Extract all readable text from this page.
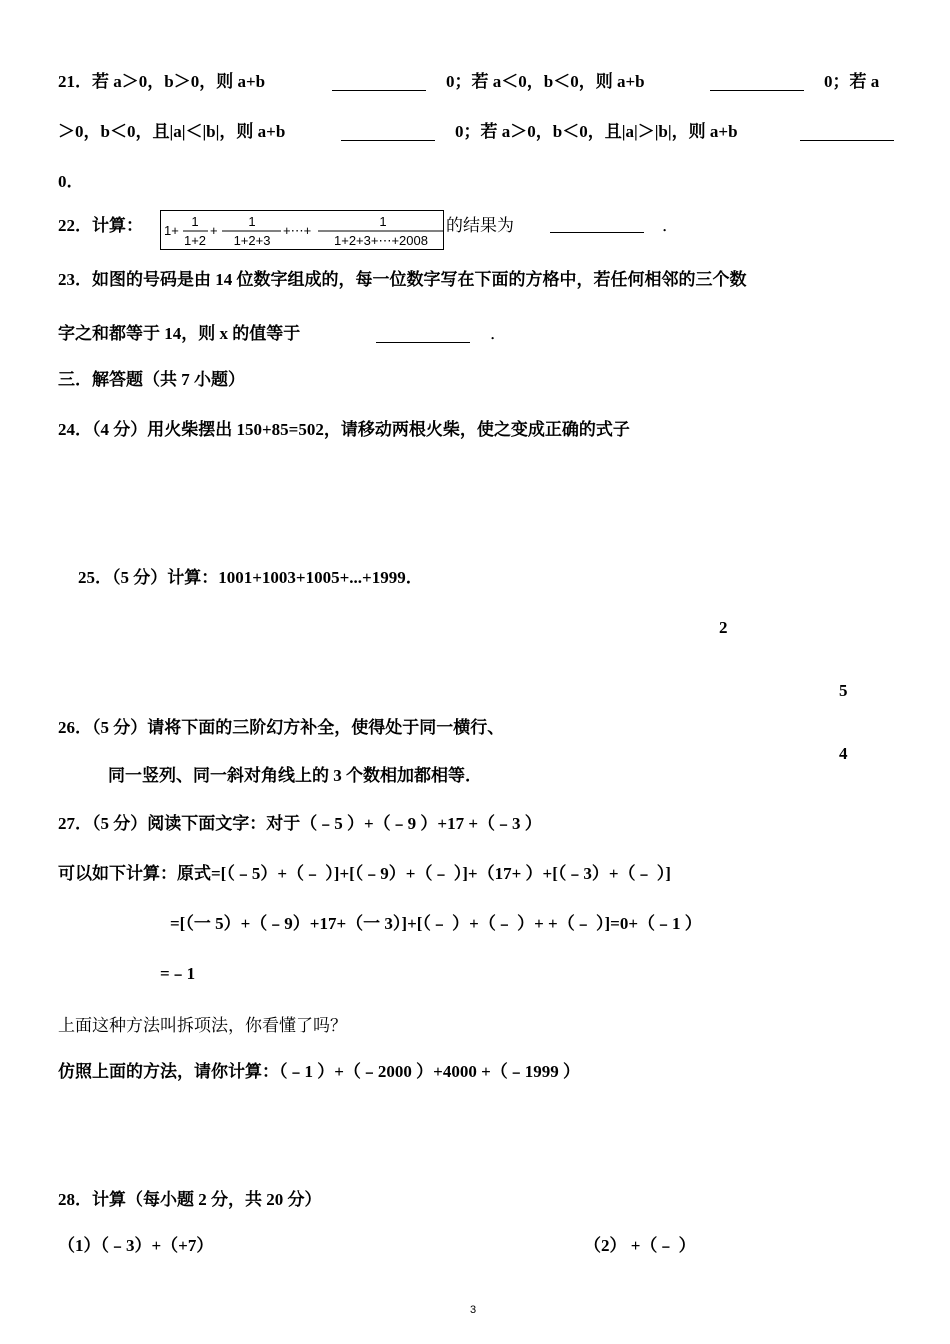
21．若 a＞0，b＞0，则 a+b	0；若 a＜0，b＜0，则 a+b	0；若 a
＞0，b＜0，且|a|＜|b|，则 a+b	0；若 a＞0，b＜0，且|a|＞|b|，则 a+b
0．
22．计算： 1+
1
1+2
+
1
1+2+3
+⋯+
1
1+2+3+⋯+2008
的结果为	．
23．如图的号码是由 14 位数字组成的，每一位数字写在下面的方格中，若任何相邻的三个数
字之和都等于 14，则 x 的值等于	．
三．解答题（共 7 小题）
24．（4 分）用火柴摆出 150+85=502，请移动两根火柴，使之变成正确的式子
25．（5 分）计算：1001+1003+1005+...+1999．
2
5
4
26．（5 分）请将下面的三阶幻方补全，使得处于同一横行、
同一竖列、同一斜对角线上的 3 个数相加都相等．
27．（5 分）阅读下面文字：对于（﹣5 ）+（﹣9 ）+17 +（﹣3 ）
可以如下计算：原式=[（﹣5）+（﹣ ）]+[（﹣9）+（﹣ ）]+（17+ ）+[（﹣3）+（﹣ ）]
=[（一 5）+（﹣9）+17+（一 3）]+[（﹣ ）+（﹣ ）+ +（﹣ ）]=0+（﹣1 ）
=﹣1
上面这种方法叫拆项法，你看懂了吗？
仿照上面的方法，请你计算：（﹣1 ）+（﹣2000 ）+4000 +（﹣1999 ）
28．计算（每小题 2 分，共 20 分）
（1）（﹣3）+（+7）	（2） +（﹣ ）
3
